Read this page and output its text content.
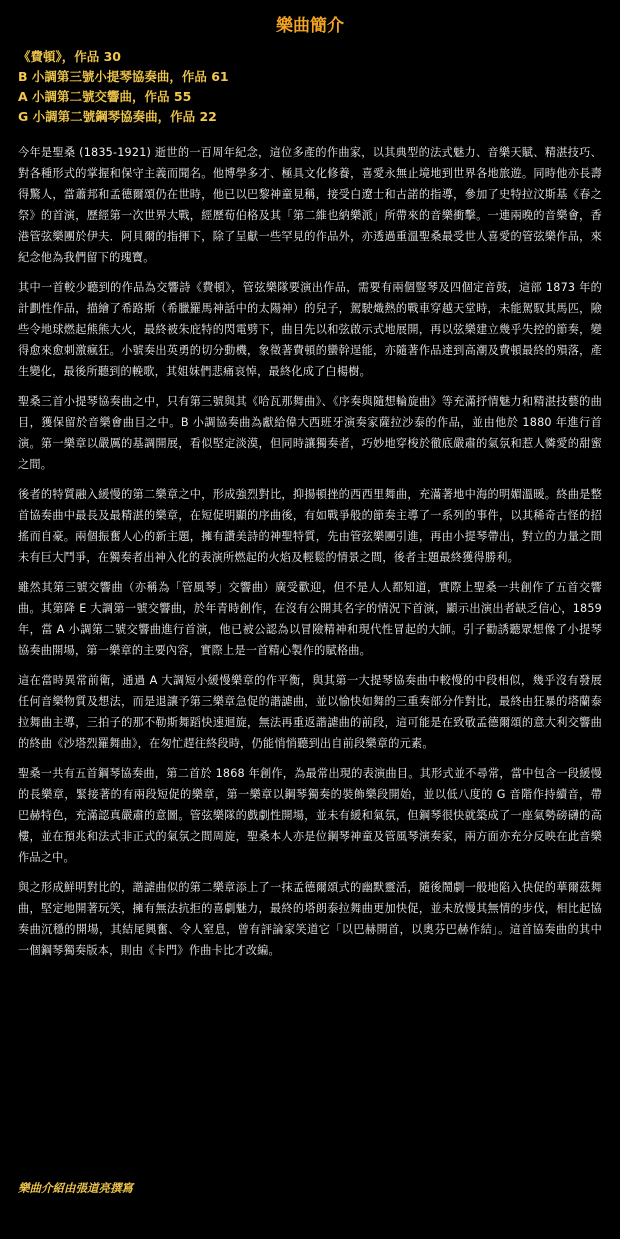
樂曲簡介
《費頓》，作品 30
B 小調第三號小提琴協奏曲，作品 61
A 小調第二號交響曲，作品 55
G 小調第二號鋼琴協奏曲，作品 22

今年是聖桑 (1835-1921) 逝世的一百周年紀念，這位多產的作曲家，以其典型的法式魅力、音樂天賦、精湛技巧、對各種形式的掌握和保守主義而聞名。他博學多才、極具文化修養，喜愛永無止境地到世界各地旅遊。同時他亦長壽得驚人，當蕭邦和孟德爾頌仍在世時，他已以巴黎神童見稱，接受白遼士和古諾的指導，參加了史特拉汶斯基《春之祭》的首演，歷經第一次世界大戰，經歷荀伯格及其「第二維也納樂派」所帶來的音樂衝擊。一連兩晚的音樂會，香港管弦樂團於伊夫．阿貝爾的指揮下，除了呈獻一些罕見的作品外，亦透過重溫聖桑最受世人喜愛的管弦樂作品，來紀念他為我們留下的瑰寶。

其中一首較少聽到的作品為交響詩《費頓》，管弦樂隊要演出作品，需要有兩個豎琴及四個定音鼓，這部 1873 年的計劃性作品，描繪了希路斯（希臘羅馬神話中的太陽神）的兒子，駕駛熾熱的戰車穿越天堂時，未能駕馭其馬匹，險些令地球燃起熊熊大火，最終被朱庇特的閃電劈下，曲目先以和弦啟示式地展開，再以弦樂建立幾乎失控的節奏，變得愈來愈刺激瘋狂。小號奏出英勇的切分動機，象徵著費頓的蠻幹逞能，亦隨著作品達到高潮及費頓最終的殞落，產生變化，最後所聽到的輓歌，其姐妹們悲痛哀悼，最終化成了白楊樹。

聖桑三首小提琴協奏曲之中，只有第三號與其《哈瓦那舞曲》、《序奏與隨想輪旋曲》等充滿抒情魅力和精湛技藝的曲目，獲保留於音樂會曲目之中。B 小調協奏曲為獻給偉大西班牙演奏家薩拉沙泰的作品，並由他於 1880 年進行首演。第一樂章以嚴厲的基調開展，看似堅定淡漠，但同時讓獨奏者，巧妙地穿梭於徹底嚴肅的氣氛和惹人憐愛的甜蜜之間。

後者的特質融入緩慢的第二樂章之中，形成強烈對比，抑揚頓挫的西西里舞曲，充滿著地中海的明媚溫暖。終曲是整首協奏曲中最長及最精湛的樂章，在短促明顯的序曲後，有如戰爭般的節奏主導了一系列的事件，以其稀奇古怪的招搖而自豪。兩個振奮人心的新主題，擁有讚美詩的神聖特質，先由管弦樂團引進，再由小提琴帶出，對立的力量之間未有巨大鬥爭，在獨奏者出神入化的表演所燃起的火焰及輕鬆的情景之間，後者主題最終獲得勝利。

雖然其第三號交響曲（亦稱為「管風琴」交響曲）廣受歡迎，但不是人人都知道，實際上聖桑一共創作了五首交響曲。其第降 E 大調第一號交響曲，於年青時創作，在沒有公開其名字的情況下首演，顯示出演出者缺乏信心，1859 年，當 A 小調第二號交響曲進行首演，他已被公認為以冒險精神和現代性冒起的大師。引子勸誘聽眾想像了小提琴協奏曲開場，第一樂章的主要內容，實際上是一首精心製作的賦格曲。

這在當時異常前衛，通過 A 大調短小緩慢樂章的作平衡，與其第一大提琴協奏曲中較慢的中段相似，幾乎沒有發展任何音樂物質及想法，而是退讓予第三樂章急促的諧謔曲，並以愉快如舞的三重奏部分作對比，最終由狂暴的塔蘭泰拉舞曲主導，三拍子的那不勒斯舞蹈快速迴旋，無法再重返諧謔曲的前段，這可能是在致敬孟德爾頌的意大利交響曲的終曲《沙塔烈羅舞曲》，在匆忙趕往終段時，仍能悄悄聽到出自前段樂章的元素。

聖桑一共有五首鋼琴協奏曲，第二首於 1868 年創作，為最常出現的表演曲目。其形式並不尋常，當中包含一段緩慢的長樂章，緊接著的有兩段短促的樂章，第一樂章以鋼琴獨奏的裝飾樂段開始，並以低八度的 G 音階作持續音，帶巴赫特色，充滿認真嚴肅的意圖。管弦樂隊的戲劇性開場，並未有緩和氣氛，但鋼琴很快就築成了一座氣勢磅礴的高樓，並在預兆和法式非正式的氣氛之間周旋，聖桑本人亦是位鋼琴神童及管風琴演奏家，兩方面亦充分反映在此音樂作品之中。

與之形成鮮明對比的，諧謔曲似的第二樂章添上了一抹孟德爾頌式的幽默靈活，隨後鬧劇一般地陷入快促的華爾茲舞曲，堅定地開著玩笑，擁有無法抗拒的喜劇魅力，最終的塔朗泰拉舞曲更加快促，並未放慢其無情的步伐，相比起協奏曲沉穩的開場，其結尾興奮、令人窒息，曾有評論家笑道它「以巴赫開首，以奧芬巴赫作結」。這首協奏曲的其中一個鋼琴獨奏版本，則由《卡門》作曲卡比才改編。

樂曲介紹由張道亮撰寫
